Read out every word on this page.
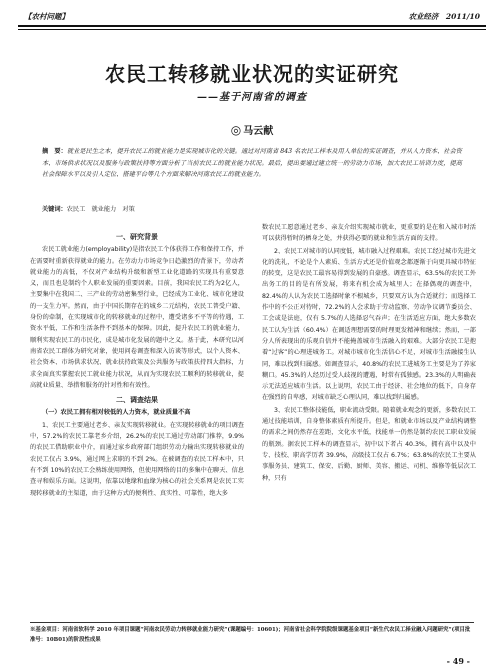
【农村问题】	农业经济　2011/10
农民工转移就业状况的实证研究
——基于河南省的调查
◎ 马云献
摘　要：就业是民生之本，提升农民工的就业能力是实现城市化的关键。通过对河南省 843 名农民工样本及用人单位的实证调查，并从人力资本、社会资本、市场供求状况以及服务与政策扶持等方面分析了当前农民工的就业能力状况。最后，提出要通过建立统一的劳动力市场，加大农民工培训力度，提高社会保障水平以及引人定位、搭建平台等几个方面来解决河南农民工的就业能力。
关键词：农民工　就业能力　对策

一、研究背景

农民工就业能力(employability)是指农民工个体获得工作和保持工作，并在需要时重新获得就业的能力。在劳动力市场竞争日趋激烈的背景下，劳动者就业能力的高低，不仅对产业结构升级和新型工业化道路的实现具有重要意义，而且也是制约个人职业发展的重要因素。目前，我国农民工约为2亿人，主要集中在我国二、三产业的劳动密集型行业，已经成为工业化、城市化建设的一支生力军。然而，由于中国长期存在的城乡二元结构，农民工普受户籍、身份的牵制，在实现城市化的转移就业的过程中，遭受诸多不平等的待遇，工资水平低，工作和生活条件不到基本的保障。因此，提升农民工的就业能力，顺利实现农民工的市民化，成是城市化发展的题中之义。基于此，本研究以河南省农民工群体为研究对象，使用问卷调查和深入访谈等形式，以个人资本、社会资本、市场供求状况、就业扶持政策及公共服务与政策扶持四大指标，力求全面真实掌握农民工就业能力状况，从而为实现农民工顺利的转移就业，提高就业质量、举措和服务的针对性和有效性。

二、调查结果

（一）农民工拥有相对较低的人力资本，就业质量不高

1、农民工主要通过老乡、亲友实现转移就业。在实现转移就业的项目调查中，57.2%的农民工靠老乡介绍，26.2%的农民工通过劳动部门推荐，9.9%的农民工借助职业中介，而通过家乡政府部门组织劳动力输出实现转移就业的农民工仅占 3.9%，通过网上求职的不到 2%。在被调查的农民工样本中，只有不到 10%的农民工会熟练使用网络，但使用网络的目的多集中在聊天、信息查寻和娱乐方面。这说明，依靠以地缘和血缘为核心的社会关系网是农民工实现转移就业的主渠道，由于这种方式的便利性、真实性、可靠性，绝大多

数农民工愿意通过老乡、亲友介绍实现城市就业，更重要的是在和入城市时活可以获得暂时的栖身之处，并获得必要的就业和生活方面的支持。

2、农民工对城市的认同度低，城市融入过程艰难。农民工经过城市先进文化的洗礼，不论是个人素质、生活方式还是价值观念都逐渐于向更具城市特征的转变，这是农民工最容易得到发展的自豪感。调查显示，63.5%的农民工外出务工的目的是有所发展，将来有机会成为城里人；在择偶观的调查中，82.4%的人认为农民工选择时象不根城乡，只要双方认为合适就行；而选择工作中的不公正对待时，72.2%的人会求助于劳动监察、劳动争议调节委员会、工会或是法庭，仅有 5.7%的人选择忍气吞声；在生活适应方面，绝大多数农民工认为生活（60.4%）在调适理想需要的时理更发精神和继续；然而，一部分人所表现出的乐观自信并不能掩盖城市生活融入的艰难。大部分农民工是抱着“过客”的心理进城务工。对城市城市化生活信心不足，对城市生活融接生认同，难以找到归属感。如调查显示，40.8%的农民工进城务工主要是为了养家糊口。45.3%的人经历过受人歧视的遭遇，时常有孤独感。23.3%的人明确表示无法适应城市生活。以上说明，农民工由于经济、社会地位的低下，自身存在强烈的自卑感，对城市缺乏心理认同，难以找到归属感。

3、农民工整体技能低，职业流动受限。随着就业观念的更新，多数农民工通过技能培训，自身整体素质有所提升。但是，和就业市场以及产业结构调整的需求之间仍然存在差距，文化水平低，找能单一仍然是制约农民工职业发展的瓶颈。据农民工样本的调查显示，初中以下者占 40.3%，拥有高中以及中专、技校、职高学历者 39.9%，高级技工仅占 6.7%；63.8%的农民工主要从事服务员、建筑工、保安、后勤、厨师、美容、搬运、司机、维修等低层次工种，只有

※基金项目：河南省软科学 2010 年项目课题“河南农民劳动力转移就业能力研究”(课题编号：10601)；河南省社会科学院院级课题基金项目“新生代农民工择业融入问题研究”(项目批准号：10B01)的阶段性成果
- 49 -
